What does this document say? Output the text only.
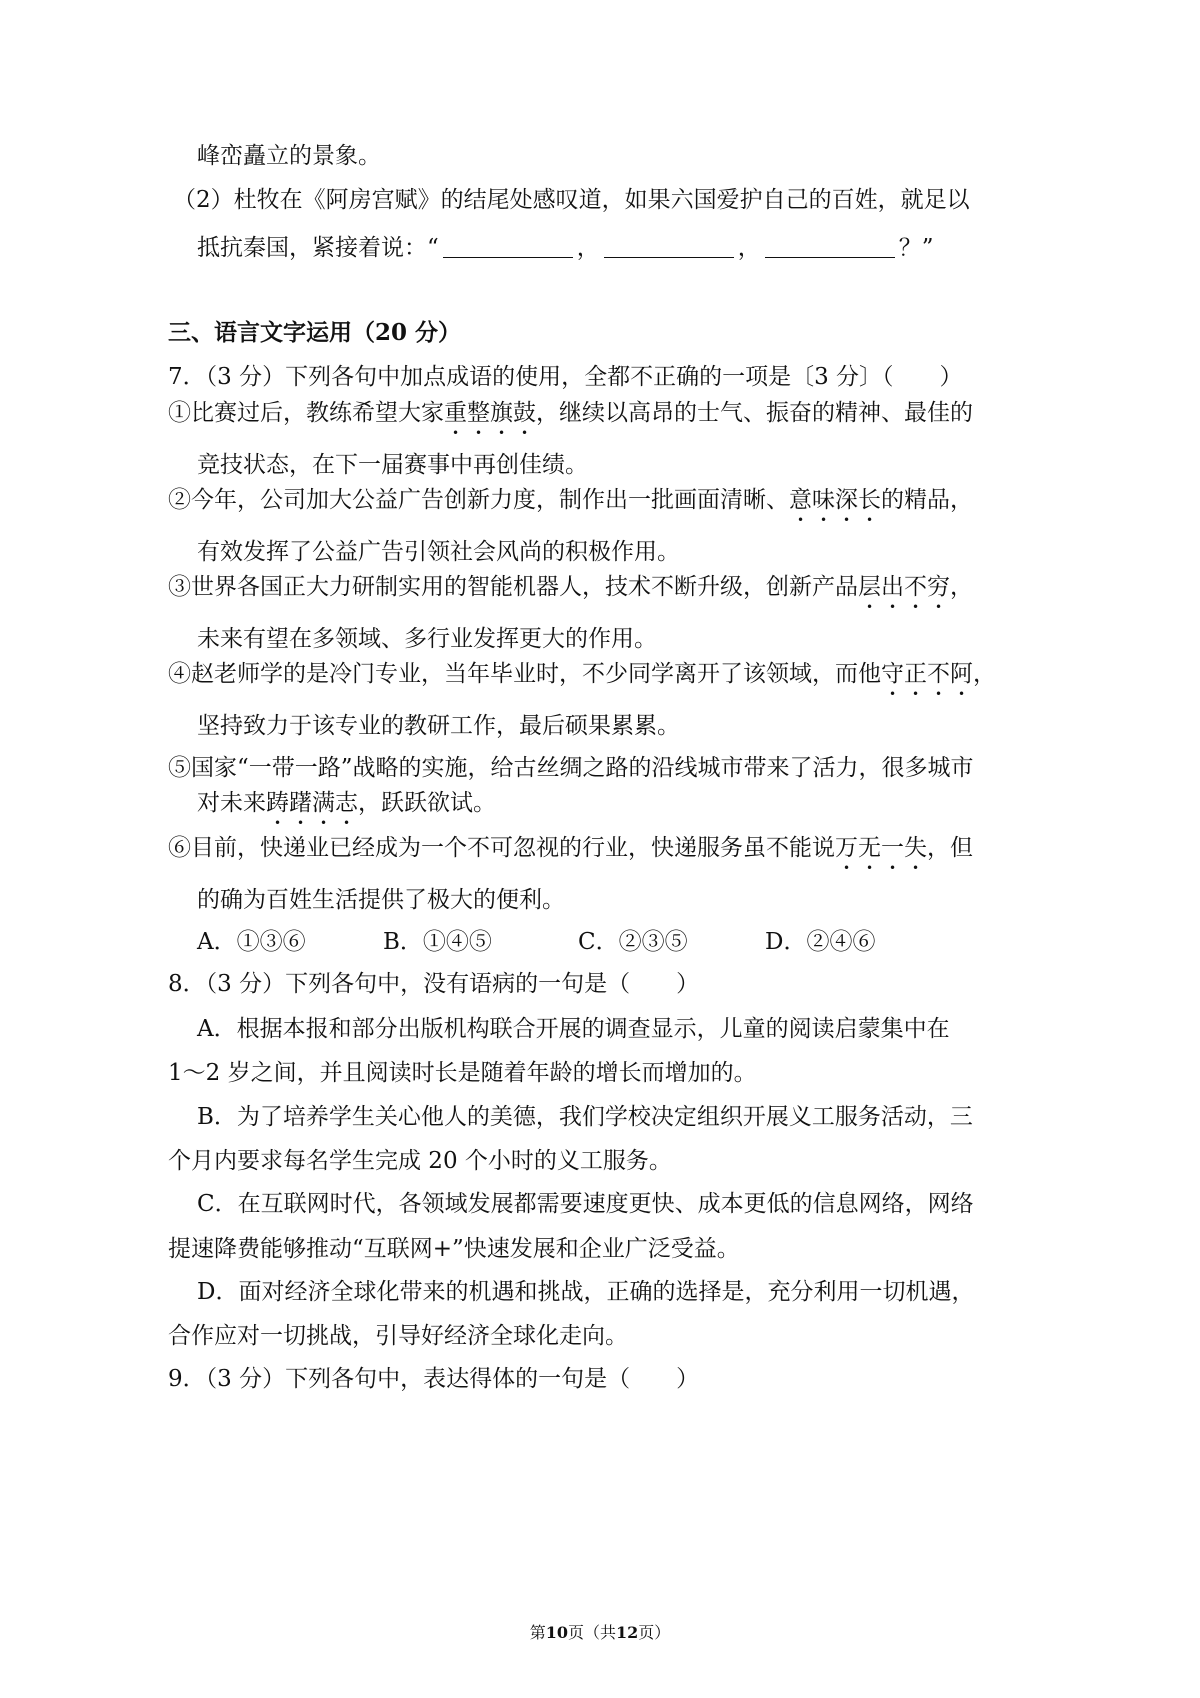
峰峦矗立的景象。
（2）杜牧在《阿房宫赋》的结尾处感叹道，如果六国爱护自己的百姓，就足以
抵抗秦国，紧接着说：“	，	，	？”
三、语言文字运用（20 分）
7．（3 分）下列各句中加点成语的使用，全都不正确的一项是〔3 分〕（　　）
①比赛过后，教练希望大家重整旗鼓，继续以高昂的士气、振奋的精神、最佳的
竞技状态，在下一届赛事中再创佳绩。
②今年，公司加大公益广告创新力度，制作出一批画面清晰、意味深长的精品，
有效发挥了公益广告引领社会风尚的积极作用。
③世界各国正大力研制实用的智能机器人，技术不断升级，创新产品层出不穷，
未来有望在多领域、多行业发挥更大的作用。
④赵老师学的是冷门专业，当年毕业时，不少同学离开了该领域，而他守正不阿，
坚持致力于该专业的教研工作，最后硕果累累。
⑤国家“一带一路”战略的实施，给古丝绸之路的沿线城市带来了活力，很多城市
对未来踌躇满志，跃跃欲试。
⑥目前，快递业已经成为一个不可忽视的行业，快递服务虽不能说万无一失，但
的确为百姓生活提供了极大的便利。
A．①③⑥	B．①④⑤	C．②③⑤	D．②④⑥
8．（3 分）下列各句中，没有语病的一句是（　　）
A．根据本报和部分出版机构联合开展的调查显示，儿童的阅读启蒙集中在
1～2 岁之间，并且阅读时长是随着年龄的增长而增加的。
B．为了培养学生关心他人的美德，我们学校决定组织开展义工服务活动，三
个月内要求每名学生完成 20 个小时的义工服务。
C．在互联网时代，各领域发展都需要速度更快、成本更低的信息网络，网络
提速降费能够推动“互联网+”快速发展和企业广泛受益。
D．面对经济全球化带来的机遇和挑战，正确的选择是，充分利用一切机遇，
合作应对一切挑战，引导好经济全球化走向。
9．（3 分）下列各句中，表达得体的一句是（　　）
第10页（共12页）
